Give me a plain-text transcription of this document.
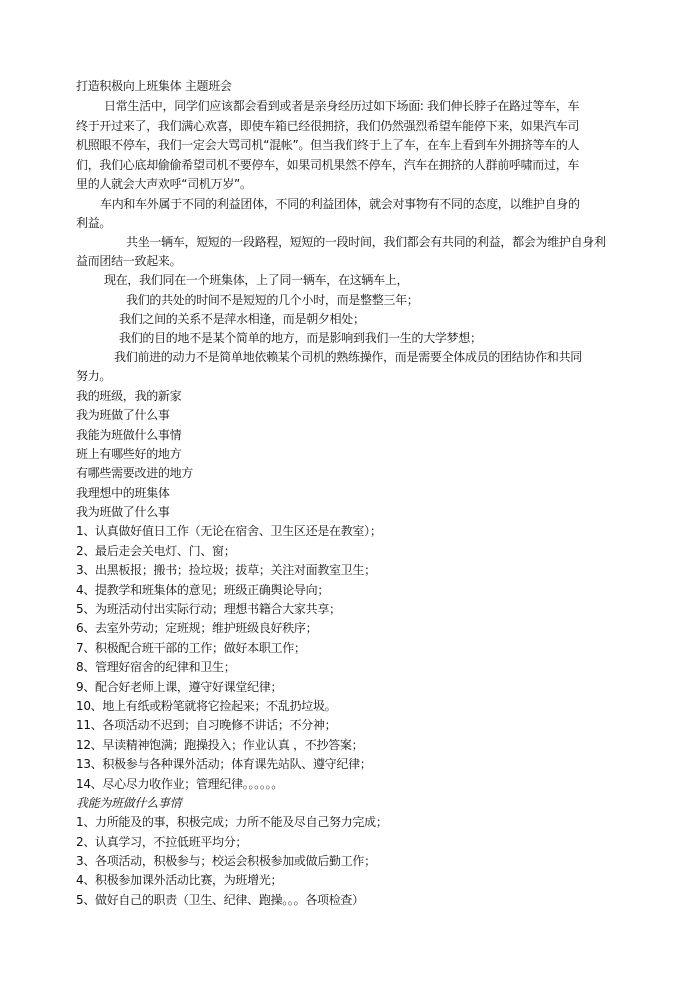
打造积极向上班集体 主题班会
日常生活中，同学们应该都会看到或者是亲身经历过如下场面: 我们伸长脖子在路过等车，车
终于开过来了，我们满心欢喜，即使车箱已经很拥挤，我们仍然强烈希望车能停下来，如果汽车司
机照眼不停车，我们一定会大骂司机“混帐”。但当我们终于上了车，在车上看到车外拥挤等车的人
们，我们心底却偷偷希望司机不要停车，如果司机果然不停车，汽车在拥挤的人群前呼啸而过，车
里的人就会大声欢呼“司机万岁”。
车内和车外属于不同的利益团体，不同的利益团体，就会对事物有不同的态度，以维护自身的
利益。
共坐一辆车，短短的一段路程，短短的一段时间，我们都会有共同的利益，都会为维护自身利
益而团结一致起来。
现在，我们同在一个班集体，上了同一辆车，在这辆车上，
我们的共处的时间不是短短的几个小时，而是整整三年；
我们之间的关系不是萍水相逢，而是朝夕相处；
我们的目的地不是某个简单的地方，而是影响到我们一生的大学梦想；
我们前进的动力不是简单地依赖某个司机的熟练操作，而是需要全体成员的团结协作和共同
努力。
我的班级，我的新家
我为班做了什么事
我能为班做什么事情
班上有哪些好的地方
有哪些需要改进的地方
我理想中的班集体
我为班做了什么事
1、认真做好值日工作（无论在宿舍、卫生区还是在教室）；
2、最后走会关电灯、门、窗；
3、出黑板报；搬书；捡垃圾；拔草；关注对面教室卫生；
4、提教学和班集体的意见；班级正确舆论导向；
5、为班活动付出实际行动；理想书籍合大家共享；
6、去室外劳动；定班规；维护班级良好秩序；
7、积极配合班干部的工作；做好本职工作；
8、管理好宿舍的纪律和卫生；
9、配合好老师上课，遵守好课堂纪律；
10、地上有纸或粉笔就将它捡起来；不乱扔垃圾。
11、各项活动不迟到；自习晚修不讲话；不分神；
12、早读精神饱满；跑操投入；作业认真 ，不抄答案；
13、积极参与各种课外活动；体育课先站队、遵守纪律；
14、尽心尽力收作业；管理纪律。。。。。。
我能为班做什么事情
1、力所能及的事，积极完成；力所不能及尽自己努力完成；
2、认真学习，不拉低班平均分；
3、各项活动，积极参与；校运会积极参加或做后勤工作；
4、积极参加课外活动比赛，为班增光；
5、做好自己的职责（卫生、纪律、跑操。。。各项检查）
